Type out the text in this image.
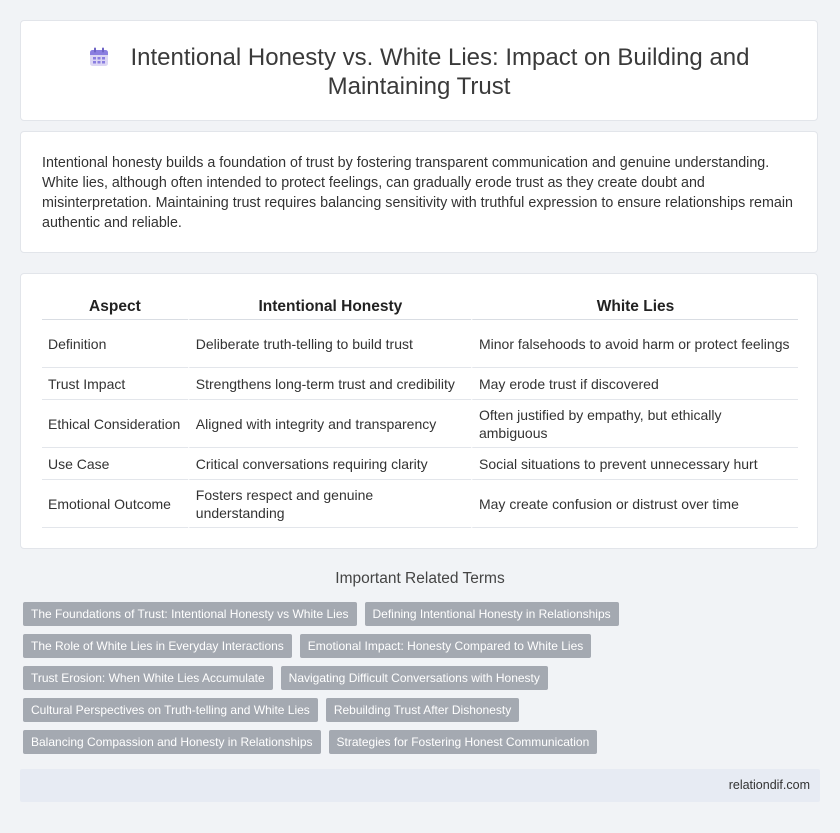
Intentional Honesty vs. White Lies: Impact on Building and Maintaining Trust
Intentional honesty builds a foundation of trust by fostering transparent communication and genuine understanding. White lies, although often intended to protect feelings, can gradually erode trust as they create doubt and misinterpretation. Maintaining trust requires balancing sensitivity with truthful expression to ensure relationships remain authentic and reliable.
Aspect	Intentional Honesty	White Lies
Definition	Deliberate truth-telling to build trust	Minor falsehoods to avoid harm or protect feelings
Trust Impact	Strengthens long-term trust and credibility	May erode trust if discovered
Ethical Consideration	Aligned with integrity and transparency	Often justified by empathy, but ethically ambiguous
Use Case	Critical conversations requiring clarity	Social situations to prevent unnecessary hurt
Emotional Outcome	Fosters respect and genuine understanding	May create confusion or distrust over time
Important Related Terms
The Foundations of Trust: Intentional Honesty vs White Lies Defining Intentional Honesty in Relationships
The Role of White Lies in Everyday Interactions Emotional Impact: Honesty Compared to White Lies
Trust Erosion: When White Lies Accumulate Navigating Difficult Conversations with Honesty
Cultural Perspectives on Truth-telling and White Lies Rebuilding Trust After Dishonesty
Balancing Compassion and Honesty in Relationships Strategies for Fostering Honest Communication
relationdif.com
